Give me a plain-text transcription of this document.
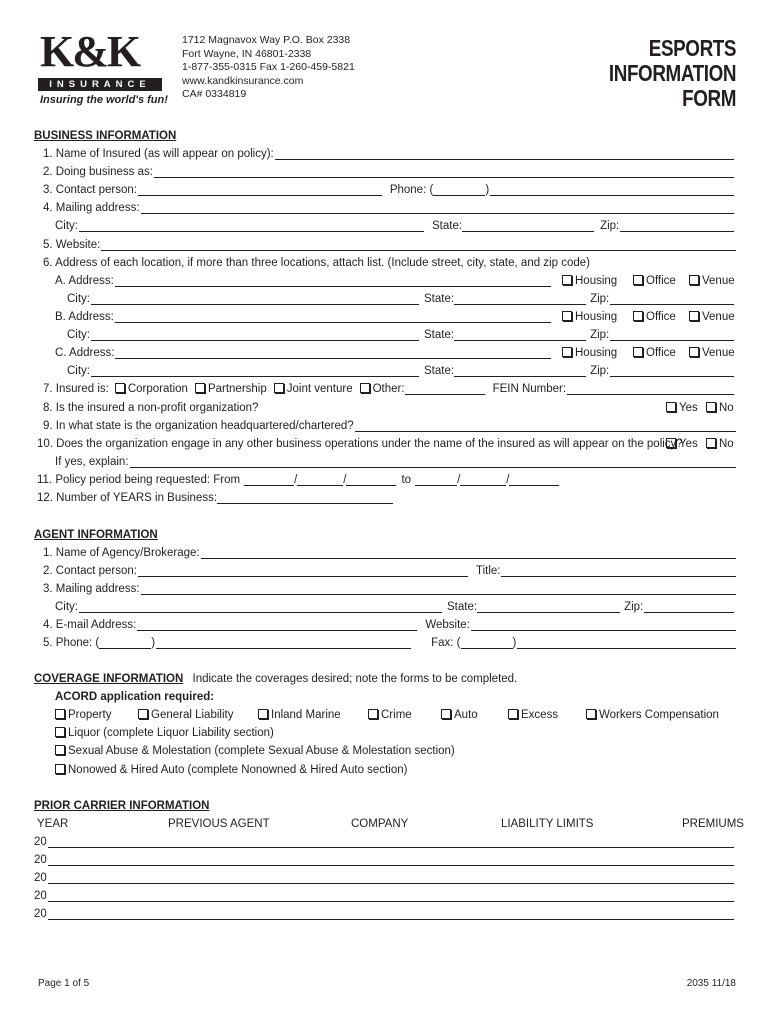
K&K
INSURANCE
Insuring the world's fun!
1712 Magnavox Way P.O. Box 2338
Fort Wayne, IN 46801-2338
1-877-355-0315 Fax 1-260-459-5821
www.kandkinsurance.com
CA# 0334819
ESPORTS
INFORMATION
FORM
BUSINESS INFORMATION
1. Name of Insured (as will appear on policy):
2. Doing business as:
3. Contact person:	Phone: (	)
4. Mailing address:
City:	State:	Zip:
5. Website:
6. Address of each location, if more than three locations, attach list. (Include street, city, state, and zip code)
A. Address:	Housing	Office	Venue
City:	State:	Zip:
B. Address:	Housing	Office	Venue
City:	State:	Zip:
C. Address:	Housing	Office	Venue
City:	State:	Zip:
7. Insured is:	Corporation	Partnership	Joint venture	Other:	FEIN Number:
8. Is the insured a non-profit organization?	Yes	No
9. In what state is the organization headquartered/chartered?
10. Does the organization engage in any other business operations under the name of the insured as will appear on the policy?
Yes	No
If yes, explain:
11. Policy period being requested: From	/	/	to	/	/
12. Number of YEARS in Business:
AGENT INFORMATION
1. Name of Agency/Brokerage:
2. Contact person:	Title:
3. Mailing address:
City:	State:	Zip:
4. E-mail Address:	Website:
5. Phone: (	)	Fax: (	)
COVERAGE INFORMATION Indicate the coverages desired; note the forms to be completed.
ACORD application required:
Property	General Liability	Inland Marine	Crime	Auto	Excess	Workers Compensation
Liquor (complete Liquor Liability section)
Sexual Abuse & Molestation (complete Sexual Abuse & Molestation section)
Nonowed & Hired Auto (complete Nonowned & Hired Auto section)
PRIOR CARRIER INFORMATION
YEAR	PREVIOUS AGENT	COMPANY	LIABILITY LIMITS	PREMIUMS
20
20
20
20
20
Page 1 of 5	2035 11/18
